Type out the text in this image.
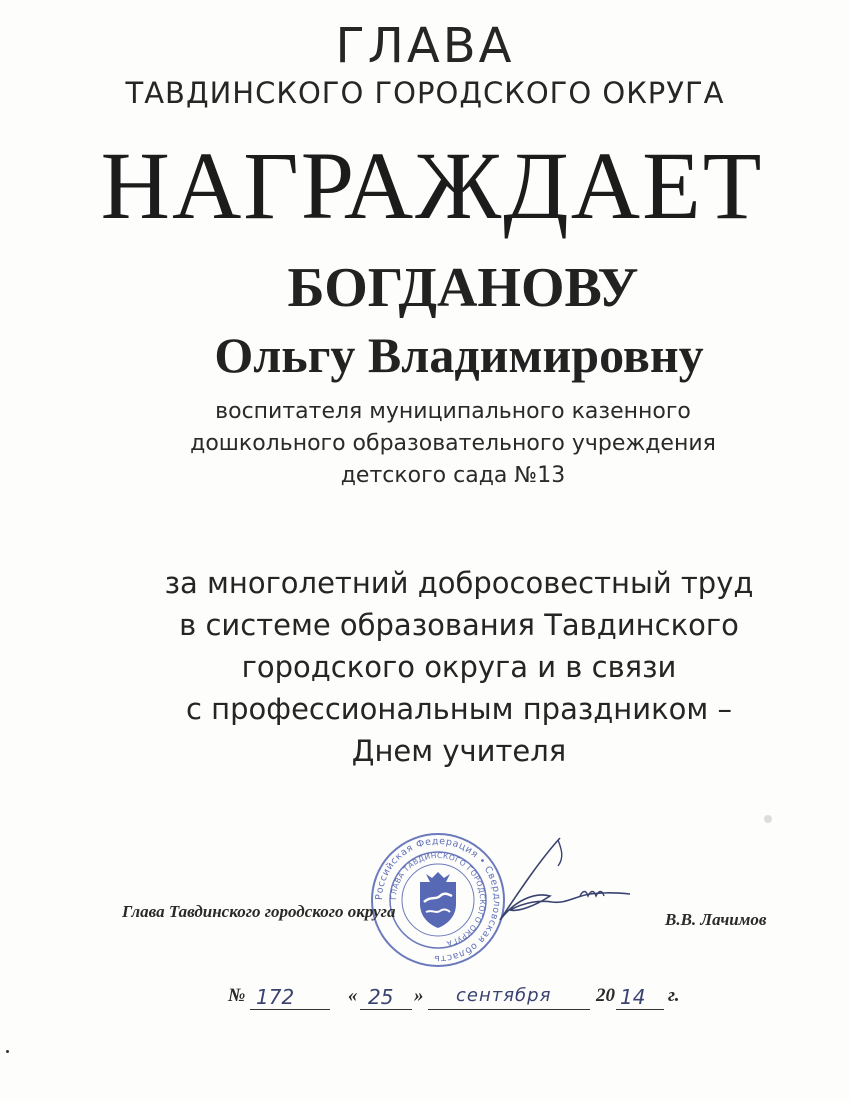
ГЛАВА
ТАВДИНСКОГО ГОРОДСКОГО ОКРУГА
НАГРАЖДАЕТ
БОГДАНОВУ
Ольгу Владимировну
воспитателя муниципального казенного
дошкольного образовательного учреждения
детского сада №13
за многолетний добросовестный труд
в системе образования Тавдинского
городского округа и в связи
с профессиональным праздником –
Днем учителя
Российская Федерация • Свердловская область
ГЛАВА ТАВДИНСКОГО ГОРОДСКОГО ОКРУГА
Глава Тавдинского городского округа	В.В. Лачимов
№ 172	« 25 » сентября 20 14 г.
